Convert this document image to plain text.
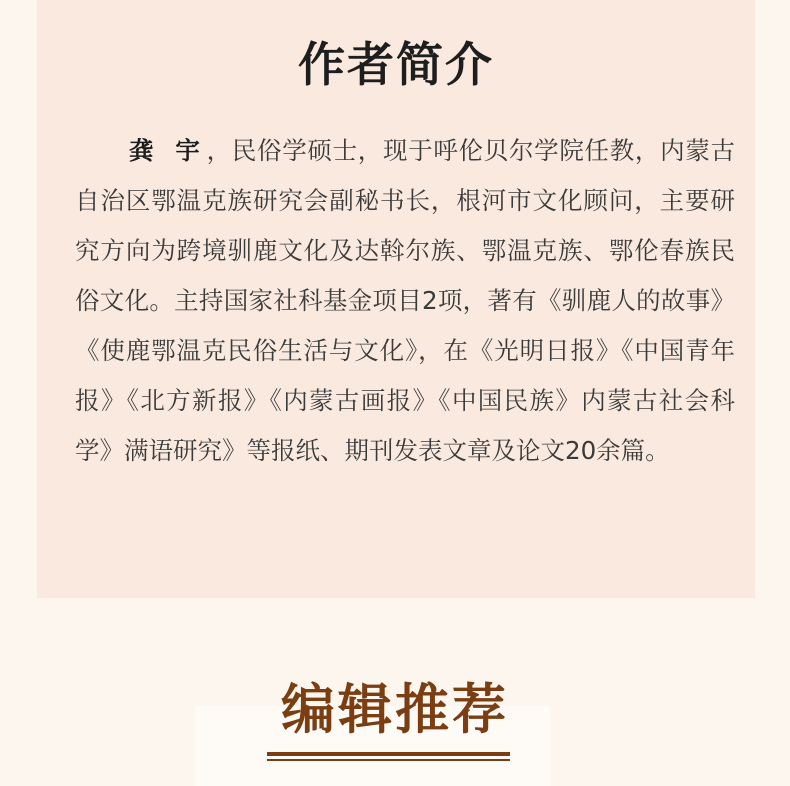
作者简介

龚 宇，民俗学硕士，现于呼伦贝尔学院任教，内蒙古自治区鄂温克族研究会副秘书长，根河市文化顾问，主要研究方向为跨境驯鹿文化及达斡尔族、鄂温克族、鄂伦春族民俗文化。主持国家社科基金项目2项，著有《驯鹿人的故事》《使鹿鄂温克民俗生活与文化》，在《光明日报》《中国青年报》《北方新报》《内蒙古画报》《中国民族》内蒙古社会科学》满语研究》等报纸、期刊发表文章及论文20余篇。

编辑推荐
